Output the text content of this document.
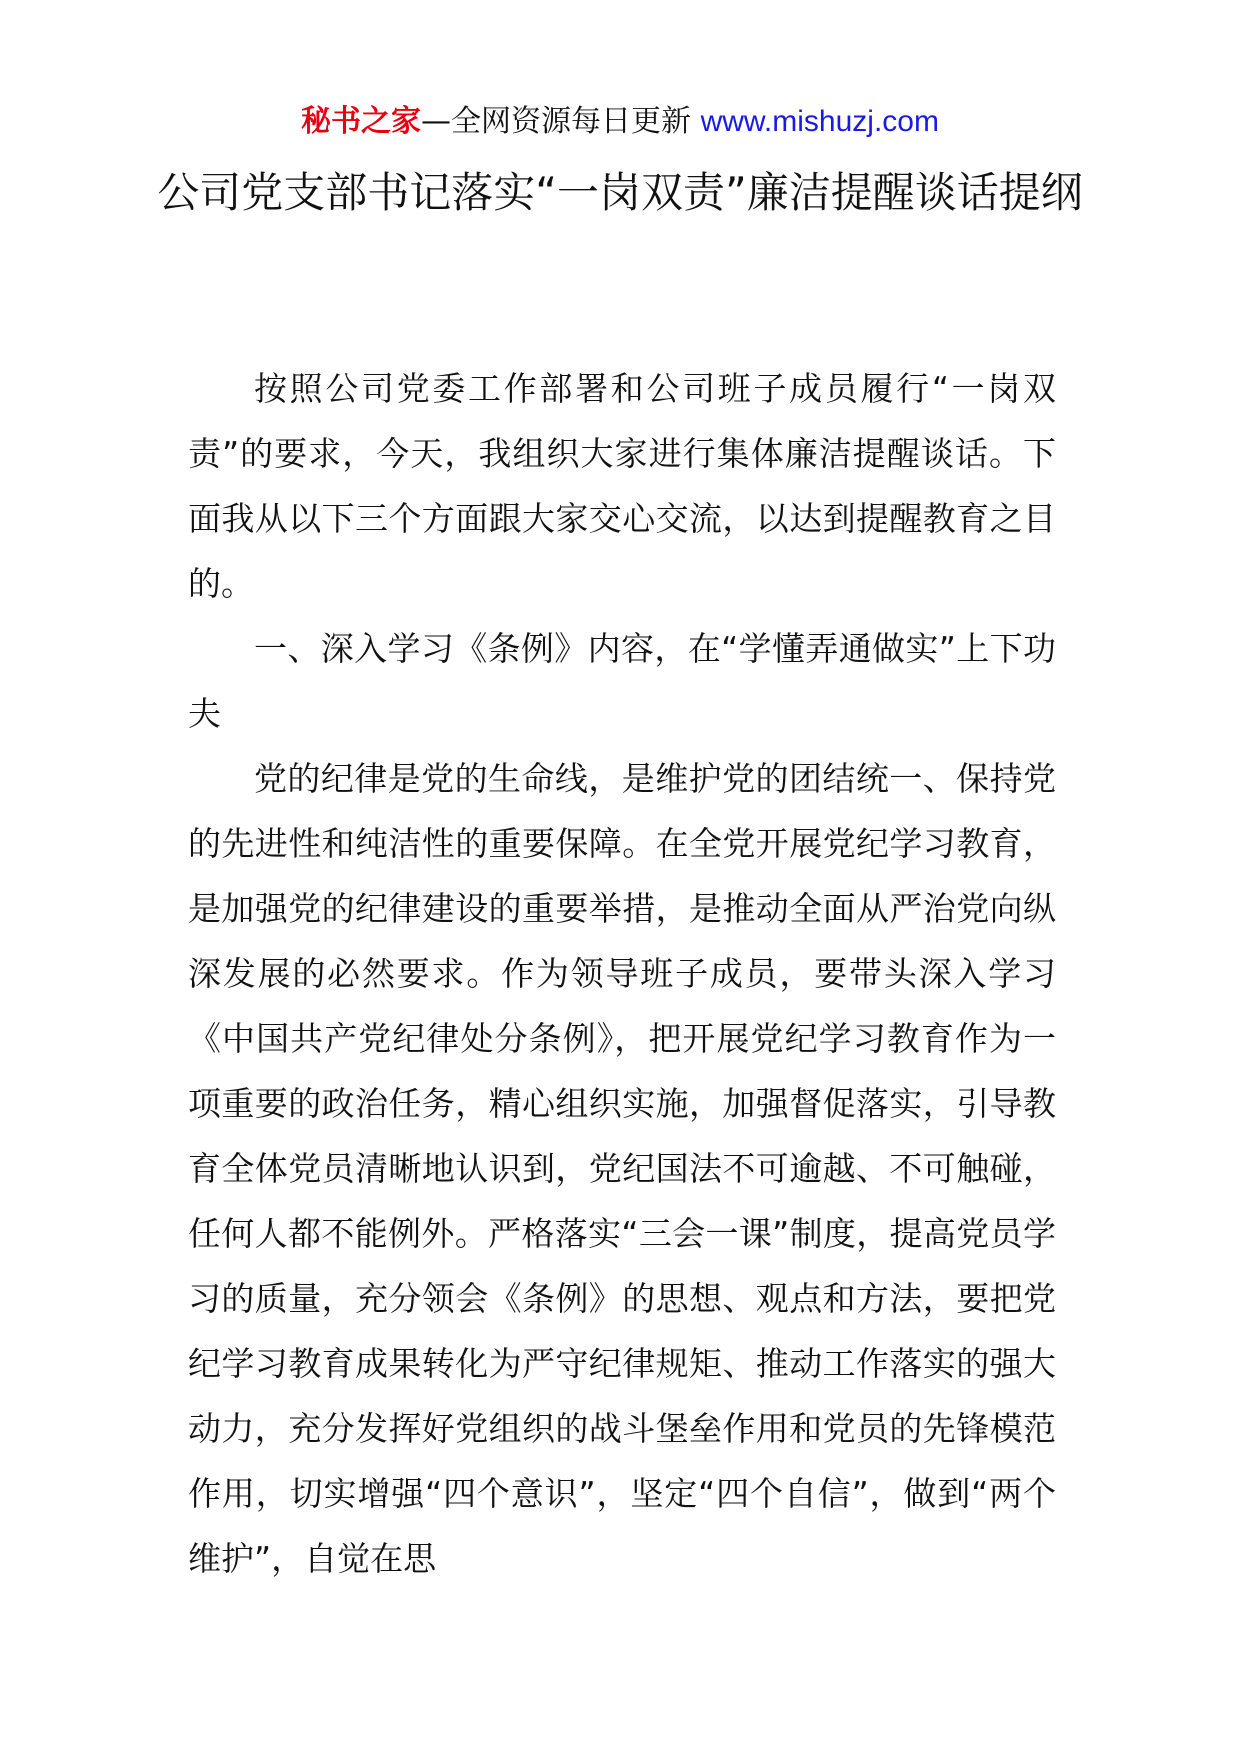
秘书之家—全网资源每日更新 www.mishuzj.com
公司党支部书记落实“一岗双责”廉洁提醒谈话提纲

按照公司党委工作部署和公司班子成员履行“一岗双责”的要求，今天，我组织大家进行集体廉洁提醒谈话。下面我从以下三个方面跟大家交心交流，以达到提醒教育之目的。

一、深入学习《条例》内容，在“学懂弄通做实”上下功夫

党的纪律是党的生命线，是维护党的团结统一、保持党的先进性和纯洁性的重要保障。在全党开展党纪学习教育，是加强党的纪律建设的重要举措，是推动全面从严治党向纵深发展的必然要求。作为领导班子成员，要带头深入学习《中国共产党纪律处分条例》，把开展党纪学习教育作为一项重要的政治任务，精心组织实施，加强督促落实，引导教育全体党员清晰地认识到，党纪国法不可逾越、不可触碰，任何人都不能例外。严格落实“三会一课”制度，提高党员学习的质量，充分领会《条例》的思想、观点和方法，要把党纪学习教育成果转化为严守纪律规矩、推动工作落实的强大动力，充分发挥好党组织的战斗堡垒作用和党员的先锋模范作用，切实增强“四个意识”，坚定“四个自信”，做到“两个维护”，自觉在思
